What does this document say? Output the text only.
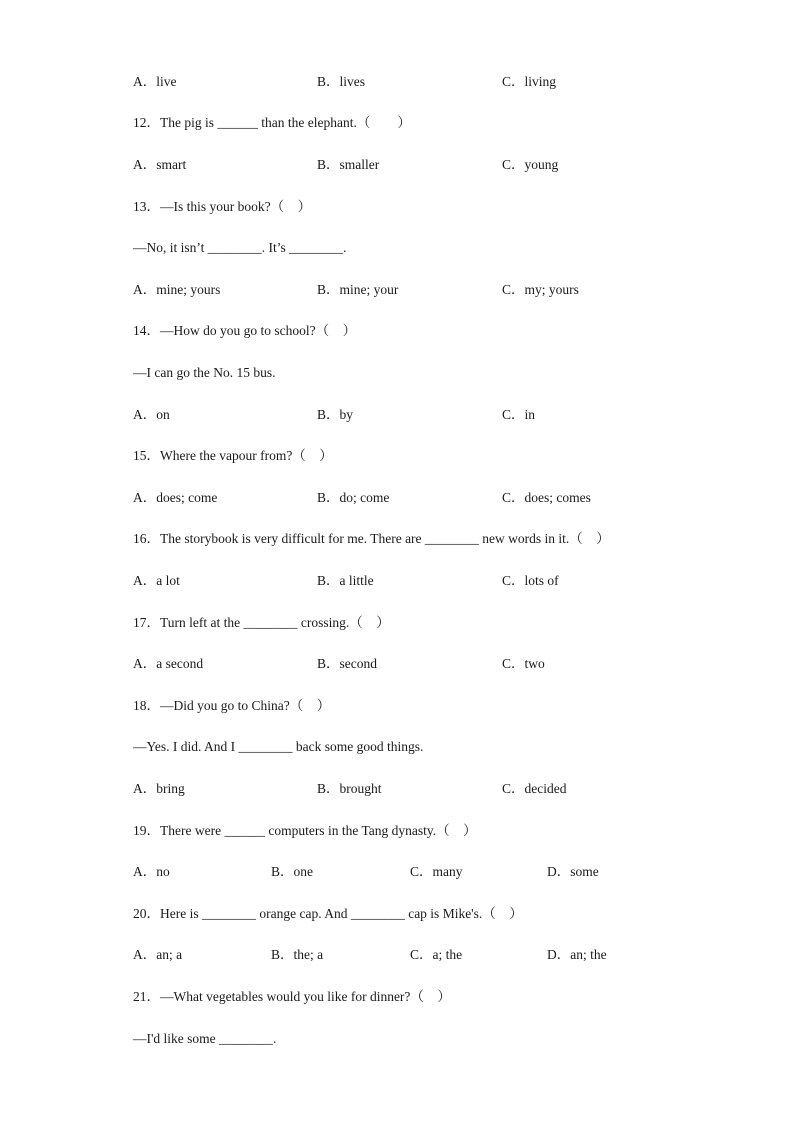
A．live	B．lives	C．living
12．The pig is ______ than the elephant.（　　）
A．smart	B．smaller	C．young
13．—Is this your book?（　）
—No, it isn’t ________. It’s ________.
A．mine; yours	B．mine; your	C．my; yours
14．—How do you go to school?（　）
—I can go the No. 15 bus.
A．on	B．by	C．in
15．Where the vapour from?（　）
A．does; come	B．do; come	C．does; comes
16．The storybook is very difficult for me. There are ________ new words in it.（　）
A．a lot	B．a little	C．lots of
17．Turn left at the ________ crossing.（　）
A．a second	B．second	C．two
18．—Did you go to China?（　）
—Yes. I did. And I ________ back some good things.
A．bring	B．brought	C．decided
19．There were ______ computers in the Tang dynasty.（　）
A．no	B．one	C．many	D．some
20．Here is ________ orange cap. And ________ cap is Mike's.（　）
A．an; a	B．the; a	C．a; the	D．an; the
21．—What vegetables would you like for dinner?（　）
—I'd like some ________.
